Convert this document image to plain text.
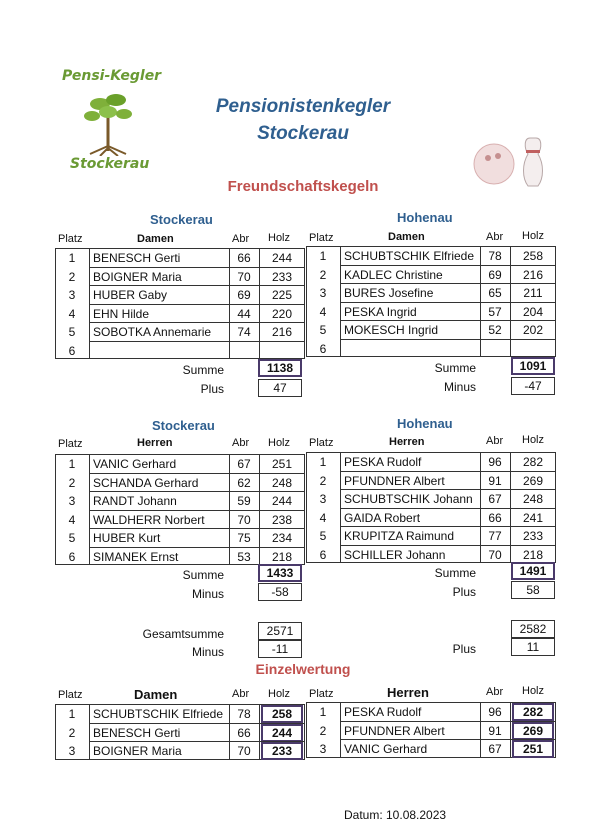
Pensi-Kegler
Stockerau
Pensionistenkegler
Stockerau
Freundschaftskegeln
Stockerau	Hohenau
Platz	Damen	Abr Holz Platz	Damen	Abr Holz
1	BENESCH Gerti	66	244
2	BOIGNER Maria	70	233
3	HUBER Gaby	69	225
4	EHN Hilde	44	220
5	SOBOTKA Annemarie	74	216
6
1	SCHUBTSCHIK Elfriede	78	258
2	KADLEC Christine	69	216
3	BURES Josefine	65	211
4	PESKA Ingrid	57	204
5	MOKESCH Ingrid	52	202
6
Summe	1138
Plus	47
Summe	1091
Minus	-47
Stockerau	Hohenau
Platz	Herren	Abr Holz Platz	Herren	Abr Holz
1	VANIC Gerhard	67	251
2	SCHANDA Gerhard	62	248
3	RANDT Johann	59	244
4	WALDHERR Norbert	70	238
5	HUBER Kurt	75	234
6	SIMANEK Ernst	53	218
1	PESKA Rudolf	96	282
2	PFUNDNER Albert	91	269
3	SCHUBTSCHIK Johann	67	248
4	GAIDA Robert	66	241
5	KRUPITZA Raimund	77	233
6	SCHILLER Johann	70	218
Summe	1433
Minus	-58
Summe	1491
Plus	58
Gesamtsumme	2571
Minus	-11
2582
Plus	11
Einzelwertung
Platz	Damen	Abr Holz Platz	Herren	Abr Holz
1	SCHUBTSCHIK Elfriede	78	258
2	BENESCH Gerti	66	244
3	BOIGNER Maria	70	233
1	PESKA Rudolf	96	282
2	PFUNDNER Albert	91	269
3	VANIC Gerhard	67	251
Datum: 10.08.2023
